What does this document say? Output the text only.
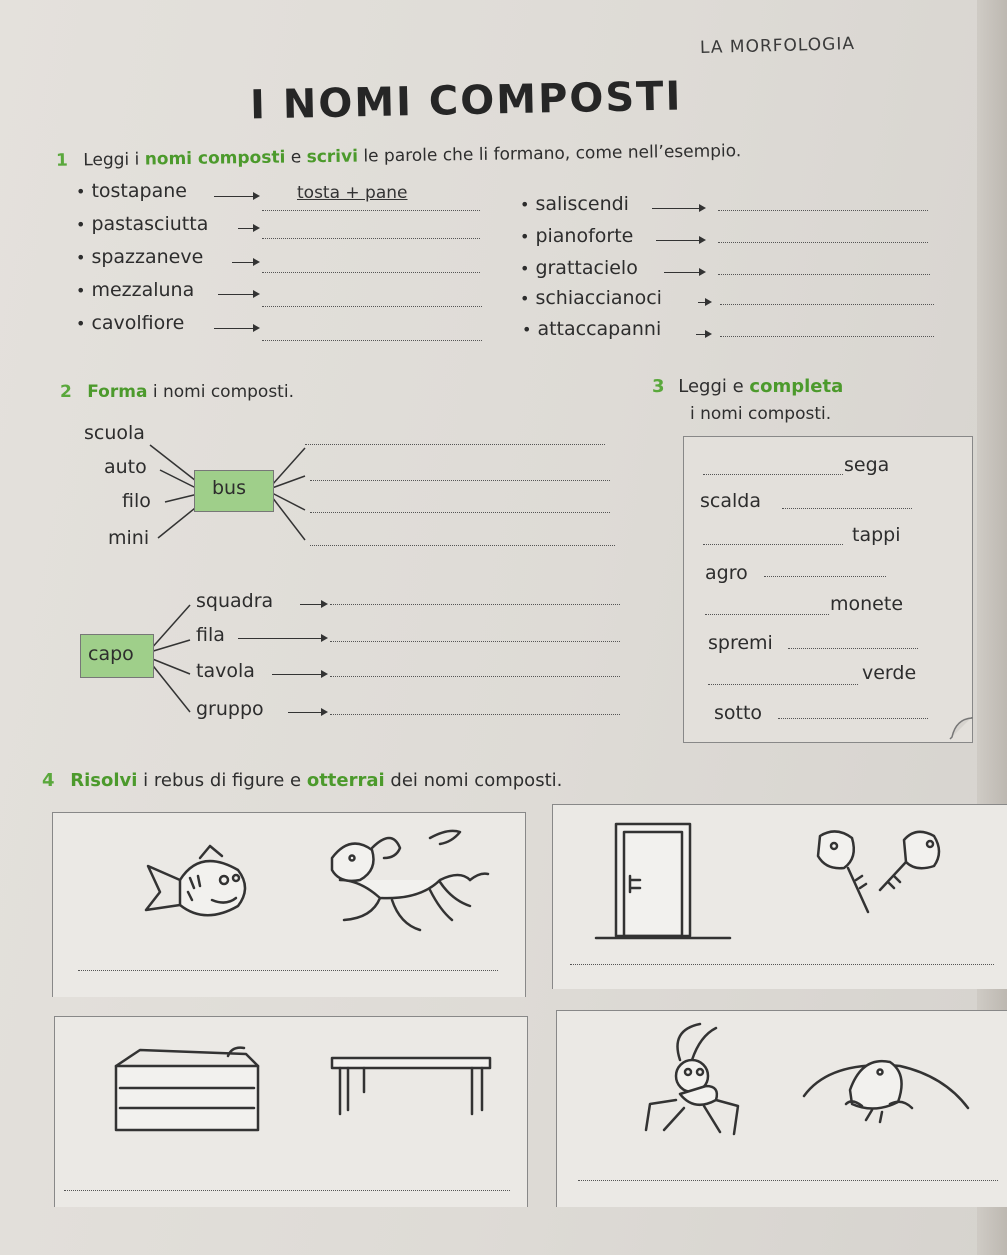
LA MORFOLOGIA
I NOMI COMPOSTI
1 Leggi i nomi composti e scrivi le parole che li formano, come nell’esempio.
• tostapane	tosta + pane
• pastasciutta
• spazzaneve
• mezzaluna
• cavolfiore
• saliscendi
• pianoforte
• grattacielo
• schiaccianoci
• attaccapanni
2 Forma i nomi composti.
scuola
auto
filo
mini
bus
capo
squadra
fila
tavola
gruppo
3 Leggi e completa
i nomi composti.
sega
scalda
tappi
agro
monete
spremi
verde
sotto
4 Risolvi i rebus di figure e otterrai dei nomi composti.
